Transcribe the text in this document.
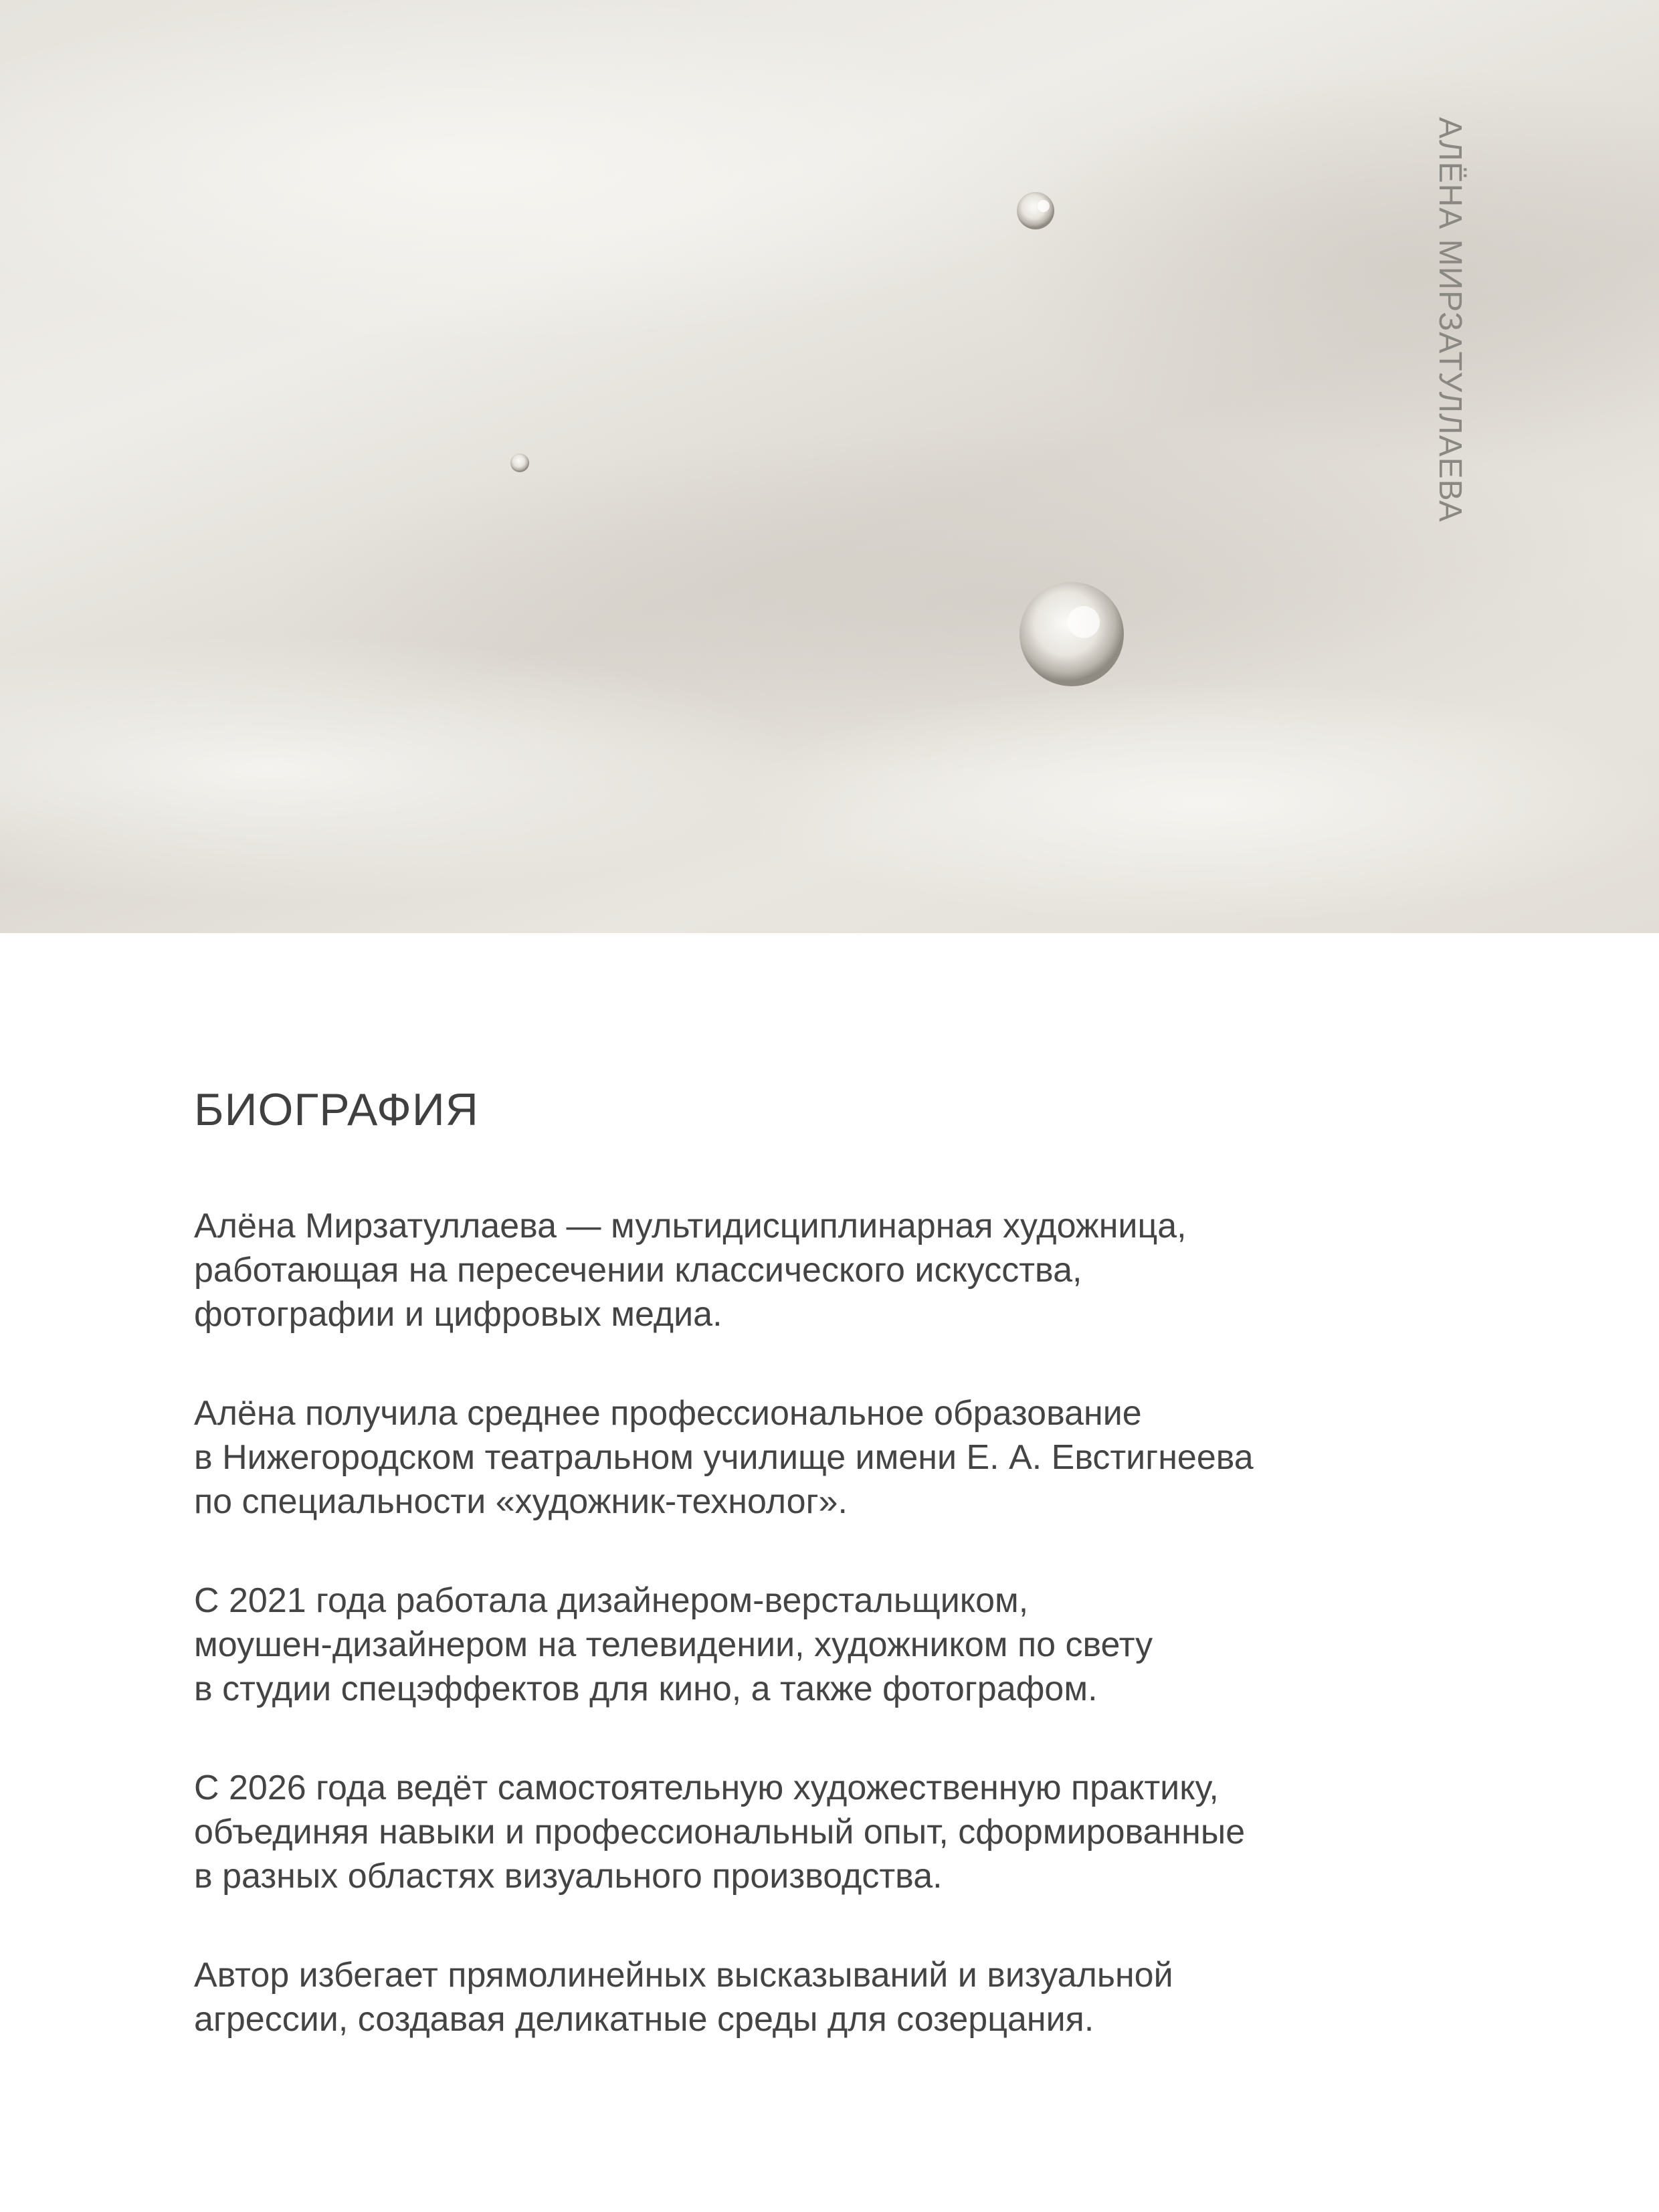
АЛЁНА МИРЗАТУЛЛАЕВА
БИОГРАФИЯ

Алёна Мирзатуллаева — мультидисциплинарная художница,
работающая на пересечении классического искусства,
фотографии и цифровых медиа.

Алёна получила среднее профессиональное образование
в Нижегородском театральном училище имени Е. А. Евстигнеева
по специальности «художник-технолог».

С 2021 года работала дизайнером-верстальщиком,
моушен-дизайнером на телевидении, художником по свету
в студии спецэффектов для кино, а также фотографом.

С 2026 года ведёт самостоятельную художественную практику,
объединяя навыки и профессиональный опыт, сформированные
в разных областях визуального производства.

Автор избегает прямолинейных высказываний и визуальной
агрессии, создавая деликатные среды для созерцания.
